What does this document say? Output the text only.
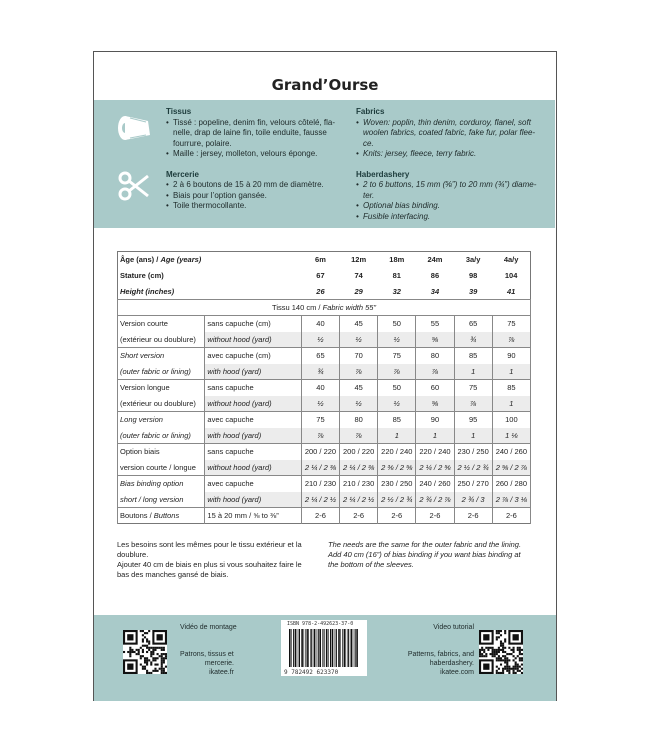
Grand’Ourse
Tissus
• Tissé : popeline, denim fin, velours côtelé, fla-
nelle, drap de laine fin, toile enduite, fausse
fourrure, polaire.
• Maille : jersey, molleton, velours éponge.
Mercerie
• 2 à 6 boutons de 15 à 20 mm de diamètre.
• Biais pour l’option gansée.
• Toile thermocollante.
Fabrics
• Woven: poplin, thin denim, corduroy, flanel, soft
woolen fabrics, coated fabric, fake fur, polar flee-
ce.
• Knits: jersey, fleece, terry fabric.
Haberdashery
• 2 to 6 buttons, 15 mm (⅝”) to 20 mm (¾”) diame-
ter.
• Optional bias binding.
• Fusible interfacing.
Âge (ans) / Age (years)		6m	12m	18m	24m	3a/y	4a/y
Stature (cm)		67	74	81	86	98	104
Height (inches)		26	29	32	34	39	41
Tissu 140 cm / Fabric width 55”							
Version courte	sans capuche (cm)	40	45	50	55	65	75
(extérieur ou doublure)	without hood (yard)	½	½	½	⅝	¾	⅞
Short version	avec capuche (cm)	65	70	75	80	85	90
(outer fabric or lining)	with hood (yard)	¾	⅞	⅞	⅞	1	1
Version longue	sans capuche	40	45	50	60	75	85
(extérieur ou doublure)	without hood (yard)	½	½	½	⅝	⅞	1
Long version	avec capuche	75	80	85	90	95	100
(outer fabric or lining)	with hood (yard)	⅞	⅞	1	1	1	1 ⅛
Option biais	sans capuche	200 / 220	200 / 220	220 / 240	220 / 240	230 / 250	240 / 260
version courte / longue	without hood (yard)	2 ¼ / 2 ⅜	2 ¼ / 2 ⅜	2 ⅜ / 2 ⅝	2 ¼ / 2 ⅝	2 ½ / 2 ¾	2 ⅝ / 2 ⅞
Bias binding option	avec capuche	210 / 230	210 / 230	230 / 250	240 / 260	250 / 270	260 / 280
short / long version	with hood (yard)	2 ¼ / 2 ½	2 ¼ / 2 ½	2 ½ / 2 ¾	2 ¾ / 2 ⅞	2 ¾ / 3	2 ⅞ / 3 ⅛
Boutons / Buttons	15 à 20 mm / ⅝ to ⅜”	2-6	2-6	2-6	2-6	2-6	2-6
Les besoins sont les mêmes pour le tissu extérieur et la
doublure.
Ajouter 40 cm de biais en plus si vous souhaitez faire le
bas des manches gansé de biais.
The needs are the same for the outer fabric and the lining.
Add 40 cm (16”) of bias binding if you want bias binding at
the bottom of the sleeves.
Vidéo de montage
Patrons, tissus et
mercerie.
ikatee.fr
ISBN 978-2-492623-37-0
9 782492 623370
Video tutorial
Patterns, fabrics, and
haberdashery.
ikatee.com
